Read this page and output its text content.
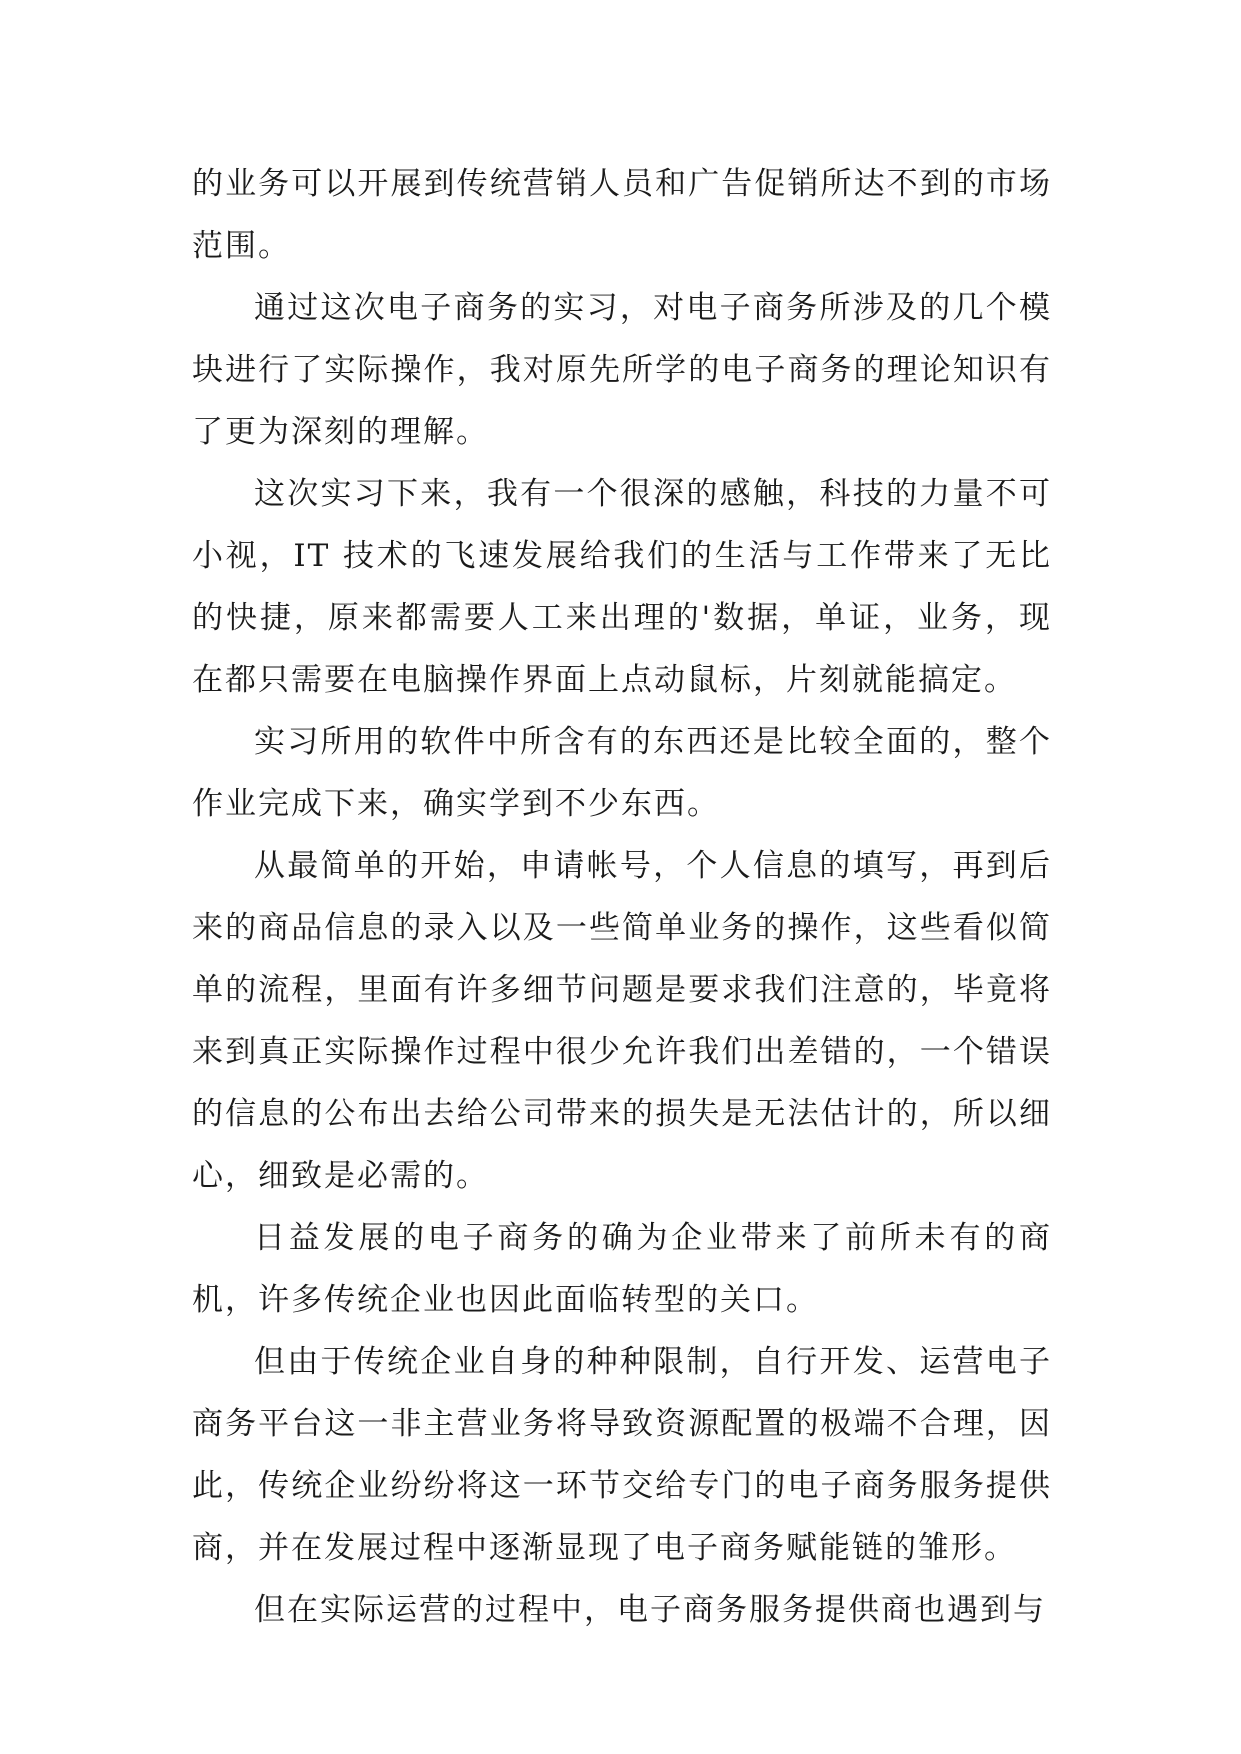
的业务可以开展到传统营销人员和广告促销所达不到的市场范围。

通过这次电子商务的实习，对电子商务所涉及的几个模块进行了实际操作，我对原先所学的电子商务的理论知识有了更为深刻的理解。

这次实习下来，我有一个很深的感触，科技的力量不可小视，IT 技术的飞速发展给我们的生活与工作带来了无比的快捷，原来都需要人工来出理的'数据，单证，业务，现在都只需要在电脑操作界面上点动鼠标，片刻就能搞定。

实习所用的软件中所含有的东西还是比较全面的，整个作业完成下来，确实学到不少东西。

从最简单的开始，申请帐号，个人信息的填写，再到后来的商品信息的录入以及一些简单业务的操作，这些看似简单的流程，里面有许多细节问题是要求我们注意的，毕竟将来到真正实际操作过程中很少允许我们出差错的，一个错误的信息的公布出去给公司带来的损失是无法估计的，所以细心，细致是必需的。

日益发展的电子商务的确为企业带来了前所未有的商机，许多传统企业也因此面临转型的关口。

但由于传统企业自身的种种限制，自行开发、运营电子商务平台这一非主营业务将导致资源配置的极端不合理，因此，传统企业纷纷将这一环节交给专门的电子商务服务提供商，并在发展过程中逐渐显现了电子商务赋能链的雏形。

但在实际运营的过程中，电子商务服务提供商也遇到与
